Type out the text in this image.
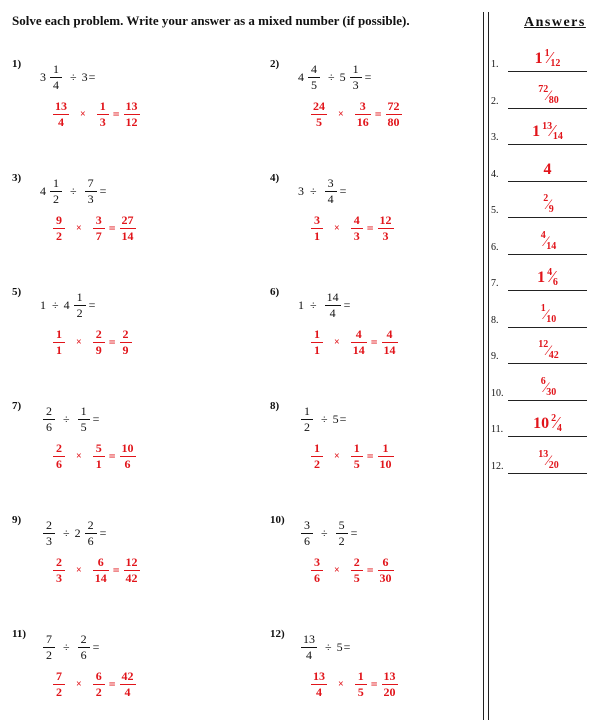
Solve each problem. Write your answer as a mixed number (if possible).	Answers
1)
3
1
4
÷ 3 =
13
4
×
1
3
=
13
12
2)
4
4
5
÷ 5
1
3
=
24
5
×
3
16
=
72
80
3)
4
1
2
÷
7
3
=
9
2
×
3
7
=
27
14
4)
3 ÷
3
4
=
3
1
×
4
3
=
12
3
5)
1 ÷ 4
1
2
=
1
1
×
2
9
=
2
9
6)
1 ÷
14
4
=
1
1
×
4
14
=
4
14
7) 2
6
÷
1
5
=
2
6
×
5
1
=
10
6
8) 1
2
÷ 5 =
1
2
×
1
5
=
1
10
9) 2
3
÷ 2
2
6
=
2
3
×
6
14
=
12
42
10) 3
6
÷
5
2
=
3
6
×
2
5
=
6
30
11) 7
2
÷
2
6
=
7
2
×
6
2
=
42
4
12) 13
4
÷ 5 =
13
4
×
1
5
=
13
20
1.	1 $^1⁄_{12}$
2.
$^{72}⁄_{80}$
3.	1 $^{13}⁄_{14}$
4.	4
5.
$^2⁄_9$
6.
$^4⁄_{14}$
7.	1 $^4⁄_6$
8.
$^1⁄_{10}$
9.
$^{12}⁄_{42}$
10.
$^6⁄_{30}$
11.	10 $^2⁄_4$
12.
$^{13}⁄_{20}$
